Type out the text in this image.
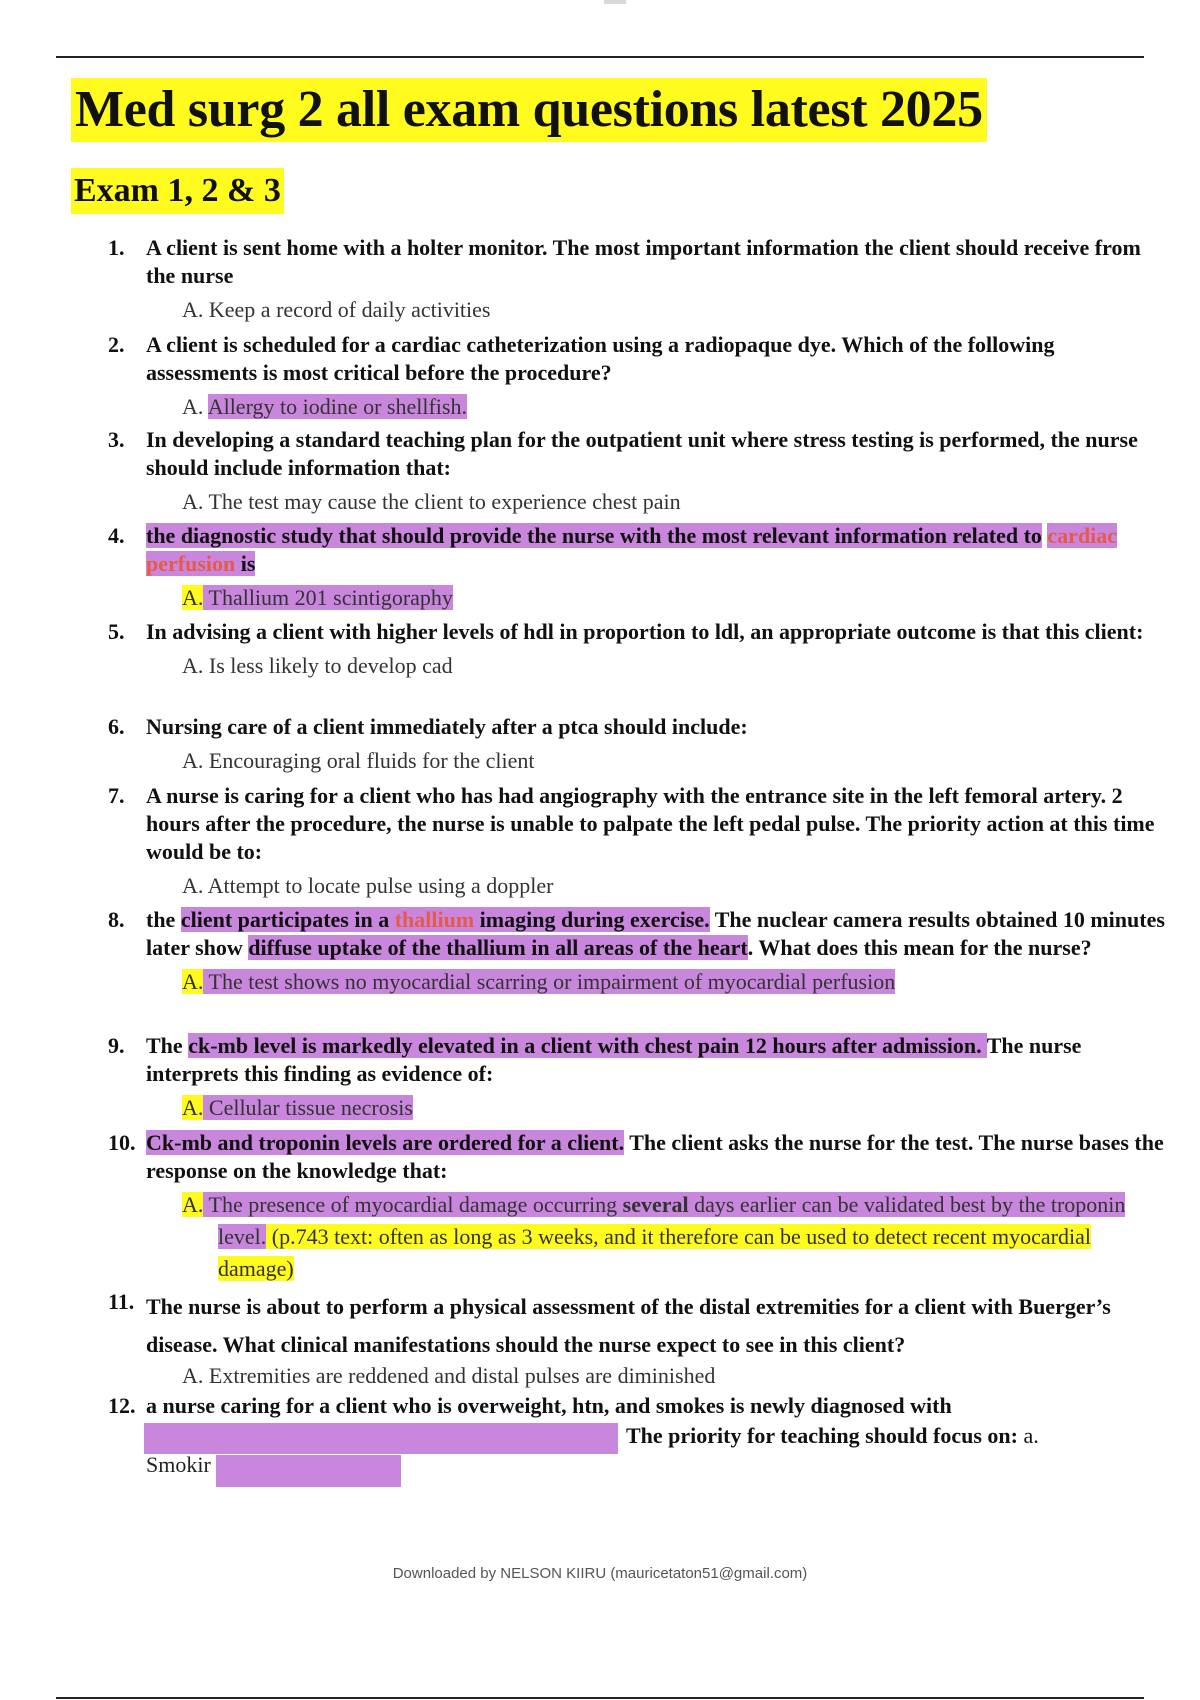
Med surg 2 all exam questions latest 2025
Exam 1, 2 & 3
1. A client is sent home with a holter monitor. The most important information the client should receive from the nurse
A. Keep a record of daily activities
2. A client is scheduled for a cardiac catheterization using a radiopaque dye. Which of the following assessments is most critical before the procedure?
A. Allergy to iodine or shellfish.
3. In developing a standard teaching plan for the outpatient unit where stress testing is performed, the nurse should include information that:
A. The test may cause the client to experience chest pain
4. the diagnostic study that should provide the nurse with the most relevant information related to cardiac perfusion is
A. Thallium 201 scintigoraphy
5. In advising a client with higher levels of hdl in proportion to ldl, an appropriate outcome is that this client:
A. Is less likely to develop cad
6. Nursing care of a client immediately after a ptca should include:
A. Encouraging oral fluids for the client
7. A nurse is caring for a client who has had angiography with the entrance site in the left femoral artery. 2 hours after the procedure, the nurse is unable to palpate the left pedal pulse. The priority action at this time would be to:
A. Attempt to locate pulse using a doppler
8. the client participates in a thallium imaging during exercise. The nuclear camera results obtained 10 minutes later show diffuse uptake of the thallium in all areas of the heart. What does this mean for the nurse?
A. The test shows no myocardial scarring or impairment of myocardial perfusion
9. The ck-mb level is markedly elevated in a client with chest pain 12 hours after admission. The nurse interprets this finding as evidence of:
A. Cellular tissue necrosis
10. Ck-mb and troponin levels are ordered for a client. The client asks the nurse for the test. The nurse bases the response on the knowledge that:
A. The presence of myocardial damage occurring several days earlier can be validated best by the troponin level. (p.743 text: often as long as 3 weeks, and it therefore can be used to detect recent myocardial damage)
11. The nurse is about to perform a physical assessment of the distal extremities for a client with Buerger’s disease. What clinical manifestations should the nurse expect to see in this client?
A. Extremities are reddened and distal pulses are diminished
12. a nurse caring for a client who is overweight, htn, and smokes is newly diagnosed with
The priority for teaching should focus on: a.
Smokir
Downloaded by NELSON KIIRU (mauricetaton51@gmail.com)
